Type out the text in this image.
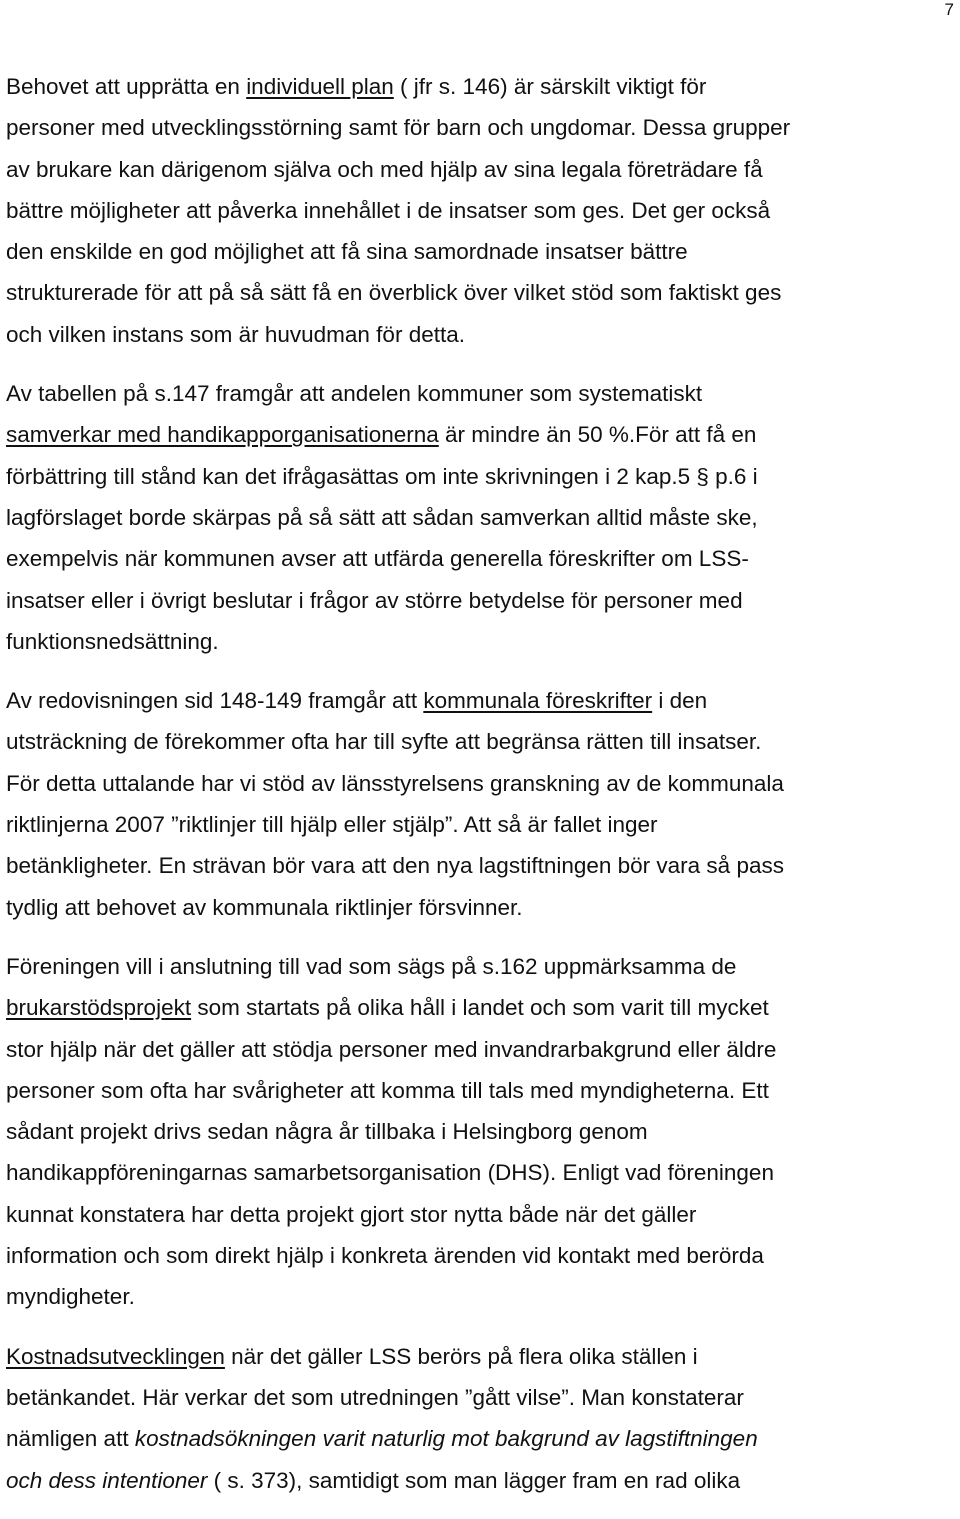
7

Behovet att upprätta en individuell plan ( jfr s. 146) är särskilt viktigt för
personer med utvecklingsstörning samt för barn och ungdomar. Dessa grupper
av brukare kan därigenom själva och med hjälp av sina legala företrädare få
bättre möjligheter att påverka innehållet i de insatser som ges. Det ger också
den enskilde en god möjlighet att få sina samordnade insatser bättre
strukturerade för att på så sätt få en överblick över vilket stöd som faktiskt ges
och vilken instans som är huvudman för detta.

Av tabellen på s.147 framgår att andelen kommuner som systematiskt
samverkar med handikapporganisationerna är mindre än 50 %.För att få en
förbättring till stånd kan det ifrågasättas om inte skrivningen i 2 kap.5 § p.6 i
lagförslaget borde skärpas på så sätt att sådan samverkan alltid måste ske,
exempelvis när kommunen avser att utfärda generella föreskrifter om LSS-
insatser eller i övrigt beslutar i frågor av större betydelse för personer med
funktionsnedsättning.

Av redovisningen sid 148-149 framgår att kommunala föreskrifter i den
utsträckning de förekommer ofta har till syfte att begränsa rätten till insatser.
För detta uttalande har vi stöd av länsstyrelsens granskning av de kommunala
riktlinjerna 2007 ”riktlinjer till hjälp eller stjälp”. Att så är fallet inger
betänkligheter. En strävan bör vara att den nya lagstiftningen bör vara så pass
tydlig att behovet av kommunala riktlinjer försvinner.

Föreningen vill i anslutning till vad som sägs på s.162 uppmärksamma de
brukarstödsprojekt som startats på olika håll i landet och som varit till mycket
stor hjälp när det gäller att stödja personer med invandrarbakgrund eller äldre
personer som ofta har svårigheter att komma till tals med myndigheterna. Ett
sådant projekt drivs sedan några år tillbaka i Helsingborg genom
handikappföreningarnas samarbetsorganisation (DHS). Enligt vad föreningen
kunnat konstatera har detta projekt gjort stor nytta både när det gäller
information och som direkt hjälp i konkreta ärenden vid kontakt med berörda
myndigheter.

Kostnadsutvecklingen när det gäller LSS berörs på flera olika ställen i
betänkandet. Här verkar det som utredningen ”gått vilse”. Man konstaterar
nämligen att kostnadsökningen varit naturlig mot bakgrund av lagstiftningen
och dess intentioner ( s. 373), samtidigt som man lägger fram en rad olika
